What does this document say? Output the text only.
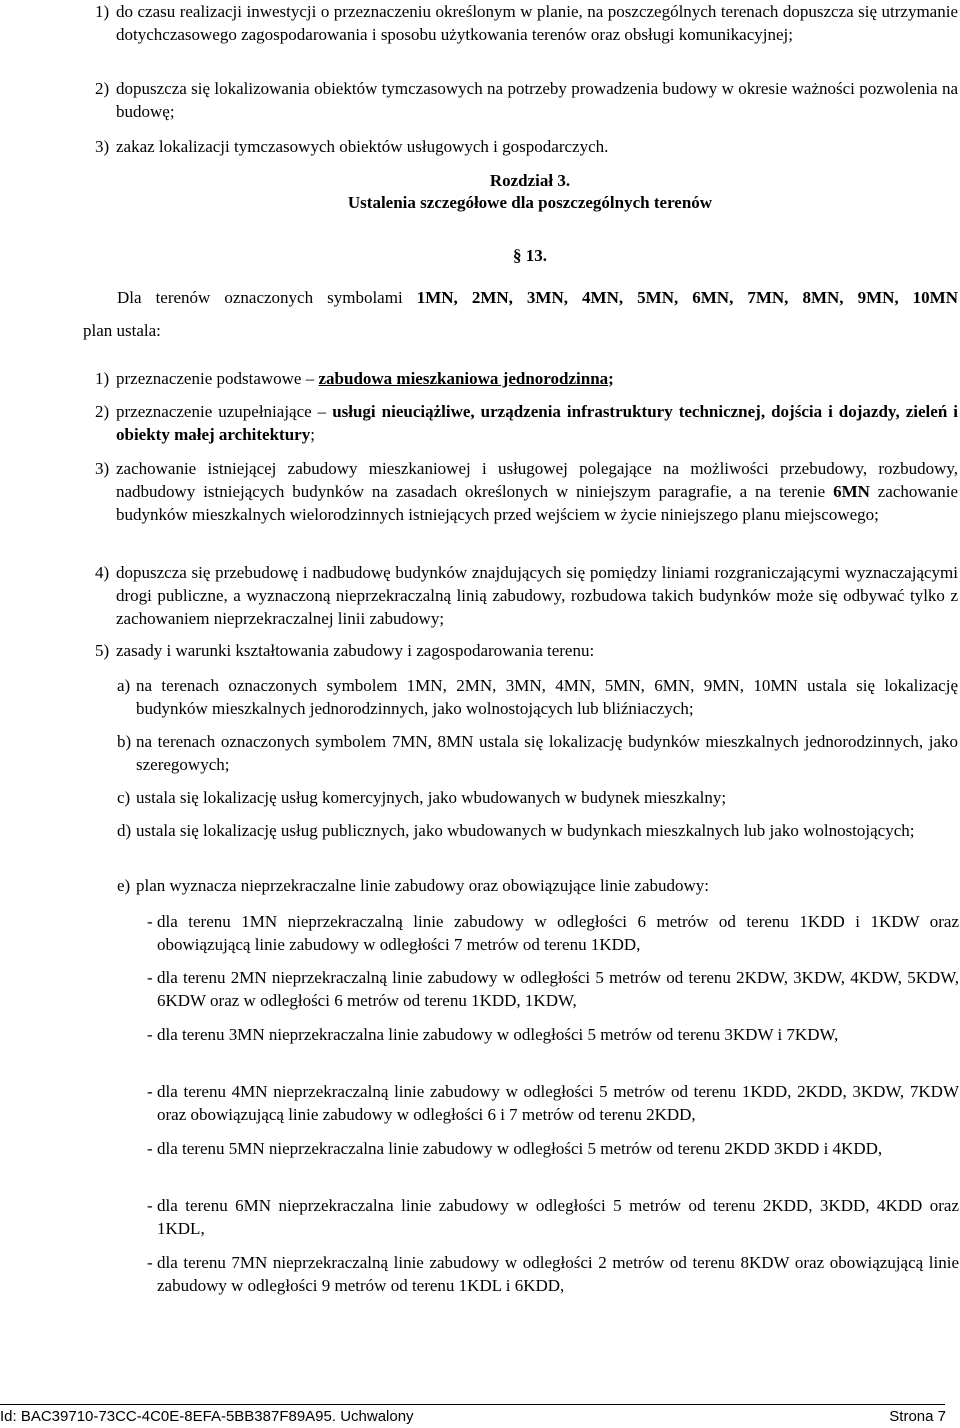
1) do czasu realizacji inwestycji o przeznaczeniu określonym w planie, na poszczególnych terenach dopuszcza się utrzymanie dotychczasowego zagospodarowania i sposobu użytkowania terenów oraz obsługi komunikacyjnej;
2) dopuszcza się lokalizowania obiektów tymczasowych na potrzeby prowadzenia budowy w okresie ważności pozwolenia na budowę;
3) zakaz lokalizacji tymczasowych obiektów usługowych i gospodarczych.
Rozdział 3.
Ustalenia szczegółowe dla poszczególnych terenów
§ 13.
Dla terenów oznaczonych symbolami 1MN, 2MN, 3MN, 4MN, 5MN, 6MN, 7MN, 8MN, 9MN, 10MN
plan ustala:
1) przeznaczenie podstawowe – zabudowa mieszkaniowa jednorodzinna;
2) przeznaczenie uzupełniające – usługi nieuciążliwe, urządzenia infrastruktury technicznej, dojścia i dojazdy, zieleń i obiekty małej architektury;
3) zachowanie istniejącej zabudowy mieszkaniowej i usługowej polegające na możliwości przebudowy, rozbudowy, nadbudowy istniejących budynków na zasadach określonych w niniejszym paragrafie, a na terenie 6MN zachowanie budynków mieszkalnych wielorodzinnych istniejących przed wejściem w życie niniejszego planu miejscowego;
4) dopuszcza się przebudowę i nadbudowę budynków znajdujących się pomiędzy liniami rozgraniczającymi wyznaczającymi drogi publiczne, a wyznaczoną nieprzekraczalną linią zabudowy, rozbudowa takich budynków może się odbywać tylko z zachowaniem nieprzekraczalnej linii zabudowy;
5) zasady i warunki kształtowania zabudowy i zagospodarowania terenu:
a) na terenach oznaczonych symbolem 1MN, 2MN, 3MN, 4MN, 5MN, 6MN, 9MN, 10MN ustala się lokalizację budynków mieszkalnych jednorodzinnych, jako wolnostojących lub bliźniaczych;
b) na terenach oznaczonych symbolem 7MN, 8MN ustala się lokalizację budynków mieszkalnych jednorodzinnych, jako szeregowych;
c) ustala się lokalizację usług komercyjnych, jako wbudowanych w budynek mieszkalny;
d) ustala się lokalizację usług publicznych, jako wbudowanych w budynkach mieszkalnych lub jako wolnostojących;
e) plan wyznacza nieprzekraczalne linie zabudowy oraz obowiązujące linie zabudowy:
- dla terenu 1MN nieprzekraczalną linie zabudowy w odległości 6 metrów od terenu 1KDD i 1KDW oraz obowiązującą linie zabudowy w odległości 7 metrów od terenu 1KDD,
- dla terenu 2MN nieprzekraczalną linie zabudowy w odległości 5 metrów od terenu 2KDW, 3KDW, 4KDW, 5KDW, 6KDW oraz w odległości 6 metrów od terenu 1KDD, 1KDW,
- dla terenu 3MN nieprzekraczalna linie zabudowy w odległości 5 metrów od terenu 3KDW i 7KDW,
- dla terenu 4MN nieprzekraczalną linie zabudowy w odległości 5 metrów od terenu 1KDD, 2KDD, 3KDW, 7KDW oraz obowiązującą linie zabudowy w odległości 6 i 7 metrów od terenu 2KDD,
- dla terenu 5MN nieprzekraczalna linie zabudowy w odległości 5 metrów od terenu 2KDD 3KDD i 4KDD,
- dla terenu 6MN nieprzekraczalna linie zabudowy w odległości 5 metrów od terenu 2KDD, 3KDD, 4KDD oraz 1KDL,
- dla terenu 7MN nieprzekraczalną linie zabudowy w odległości 2 metrów od terenu 8KDW oraz obowiązującą linie zabudowy w odległości 9 metrów od terenu 1KDL i 6KDD,
Id: BAC39710-73CC-4C0E-8EFA-5BB387F89A95. Uchwalony	Strona 7
